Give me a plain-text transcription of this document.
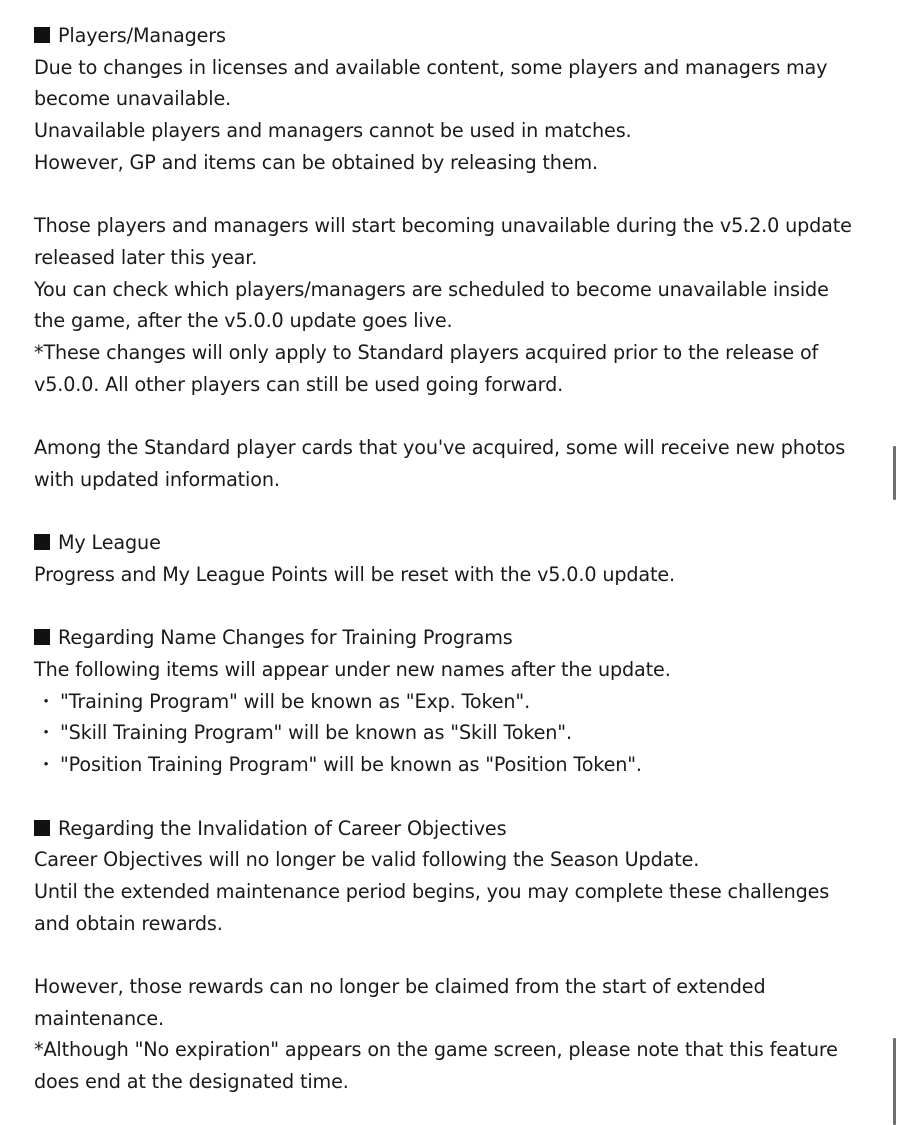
Players/Managers
Due to changes in licenses and available content, some players and managers may
become unavailable.
Unavailable players and managers cannot be used in matches.
However, GP and items can be obtained by releasing them.
Those players and managers will start becoming unavailable during the v5.2.0 update
released later this year.
You can check which players/managers are scheduled to become unavailable inside
the game, after the v5.0.0 update goes live.
*These changes will only apply to Standard players acquired prior to the release of
v5.0.0. All other players can still be used going forward.
Among the Standard player cards that you've acquired, some will receive new photos
with updated information.
My League
Progress and My League Points will be reset with the v5.0.0 update.
Regarding Name Changes for Training Programs
The following items will appear under new names after the update.
・ "Training Program" will be known as "Exp. Token".
・ "Skill Training Program" will be known as "Skill Token".
・ "Position Training Program" will be known as "Position Token".
Regarding the Invalidation of Career Objectives
Career Objectives will no longer be valid following the Season Update.
Until the extended maintenance period begins, you may complete these challenges
and obtain rewards.
However, those rewards can no longer be claimed from the start of extended
maintenance.
*Although "No expiration" appears on the game screen, please note that this feature
does end at the designated time.
